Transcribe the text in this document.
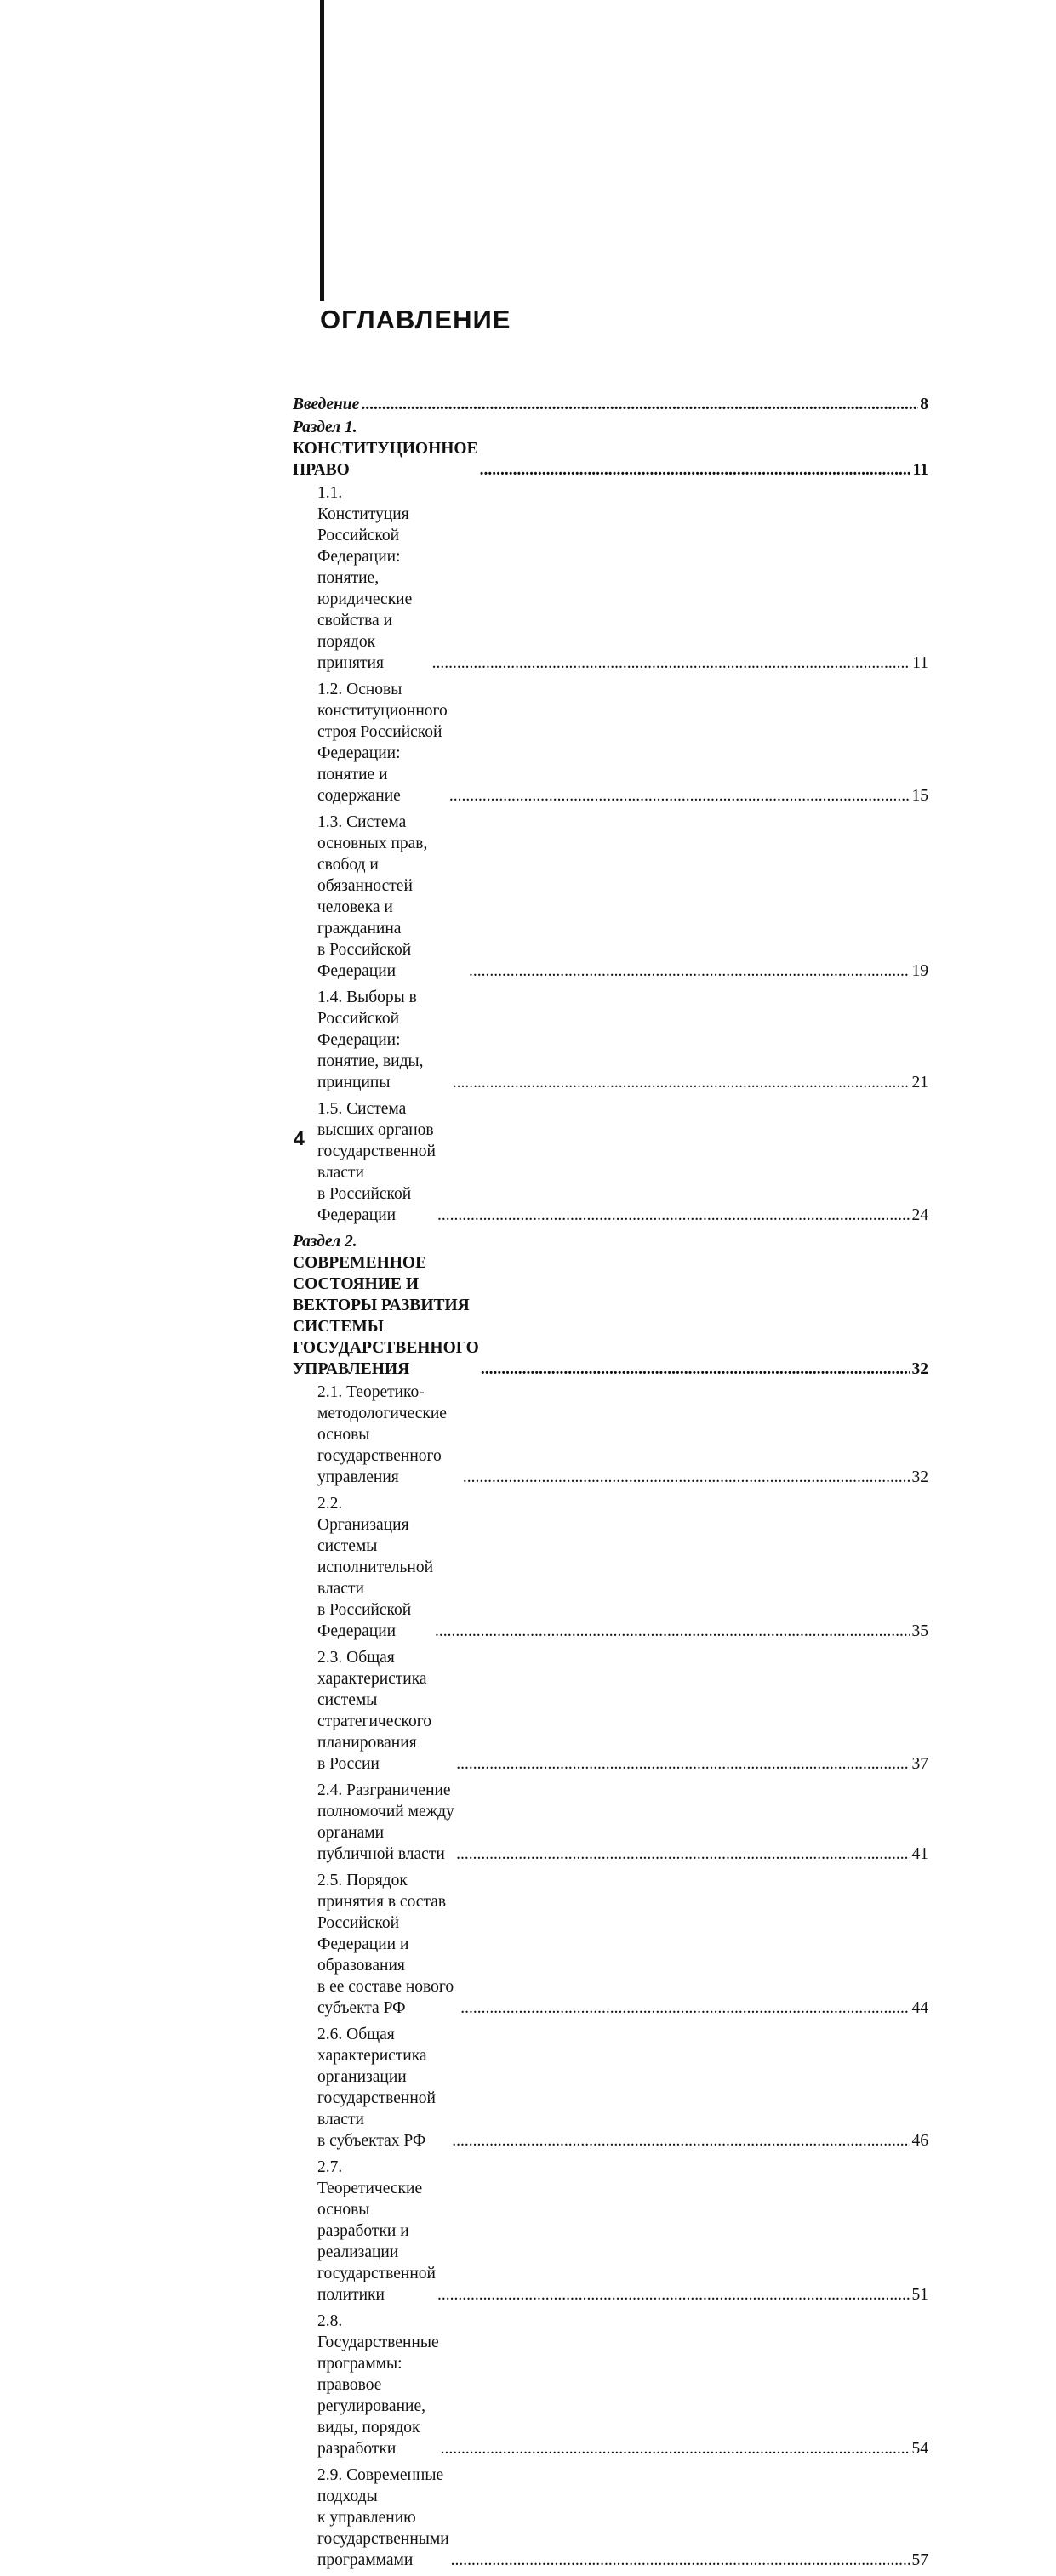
ОГЛАВЛЕНИЕ
Введение .....	8
Раздел 1. КОНСТИТУЦИОННОЕ ПРАВО .....	11
1.1. Конституция Российской Федерации:
понятие, юридические свойства и порядок принятия .....	11
1.2. Основы конституционного строя Российской Федерации:
понятие и содержание .....	15
1.3. Система основных прав, свобод и обязанностей человека и гражданина
в Российской Федерации .....	19
1.4. Выборы в Российской Федерации: понятие, виды, принципы .....	21
1.5. Система высших органов государственной власти
в Российской Федерации .....	24
Раздел 2. СОВРЕМЕННОЕ СОСТОЯНИЕ И ВЕКТОРЫ РАЗВИТИЯ
СИСТЕМЫ ГОСУДАРСТВЕННОГО УПРАВЛЕНИЯ .....	32
2.1. Теоретико-методологические основы государственного управления .....	32
2.2. Организация системы исполнительной власти
в Российской Федерации .....	35
2.3. Общая характеристика системы стратегического планирования
в России .....	37
2.4. Разграничение полномочий между органами публичной власти .....	41
2.5. Порядок принятия в состав Российской Федерации и образования
в ее составе нового субъекта РФ .....	44
2.6. Общая характеристика организации государственной власти
в субъектах РФ .....	46
2.7. Теоретические основы разработки и реализации
государственной политики .....	51
2.8. Государственные программы:
правовое регулирование, виды, порядок разработки .....	54
2.9. Современные подходы
к управлению государственными программами .....	57

4
